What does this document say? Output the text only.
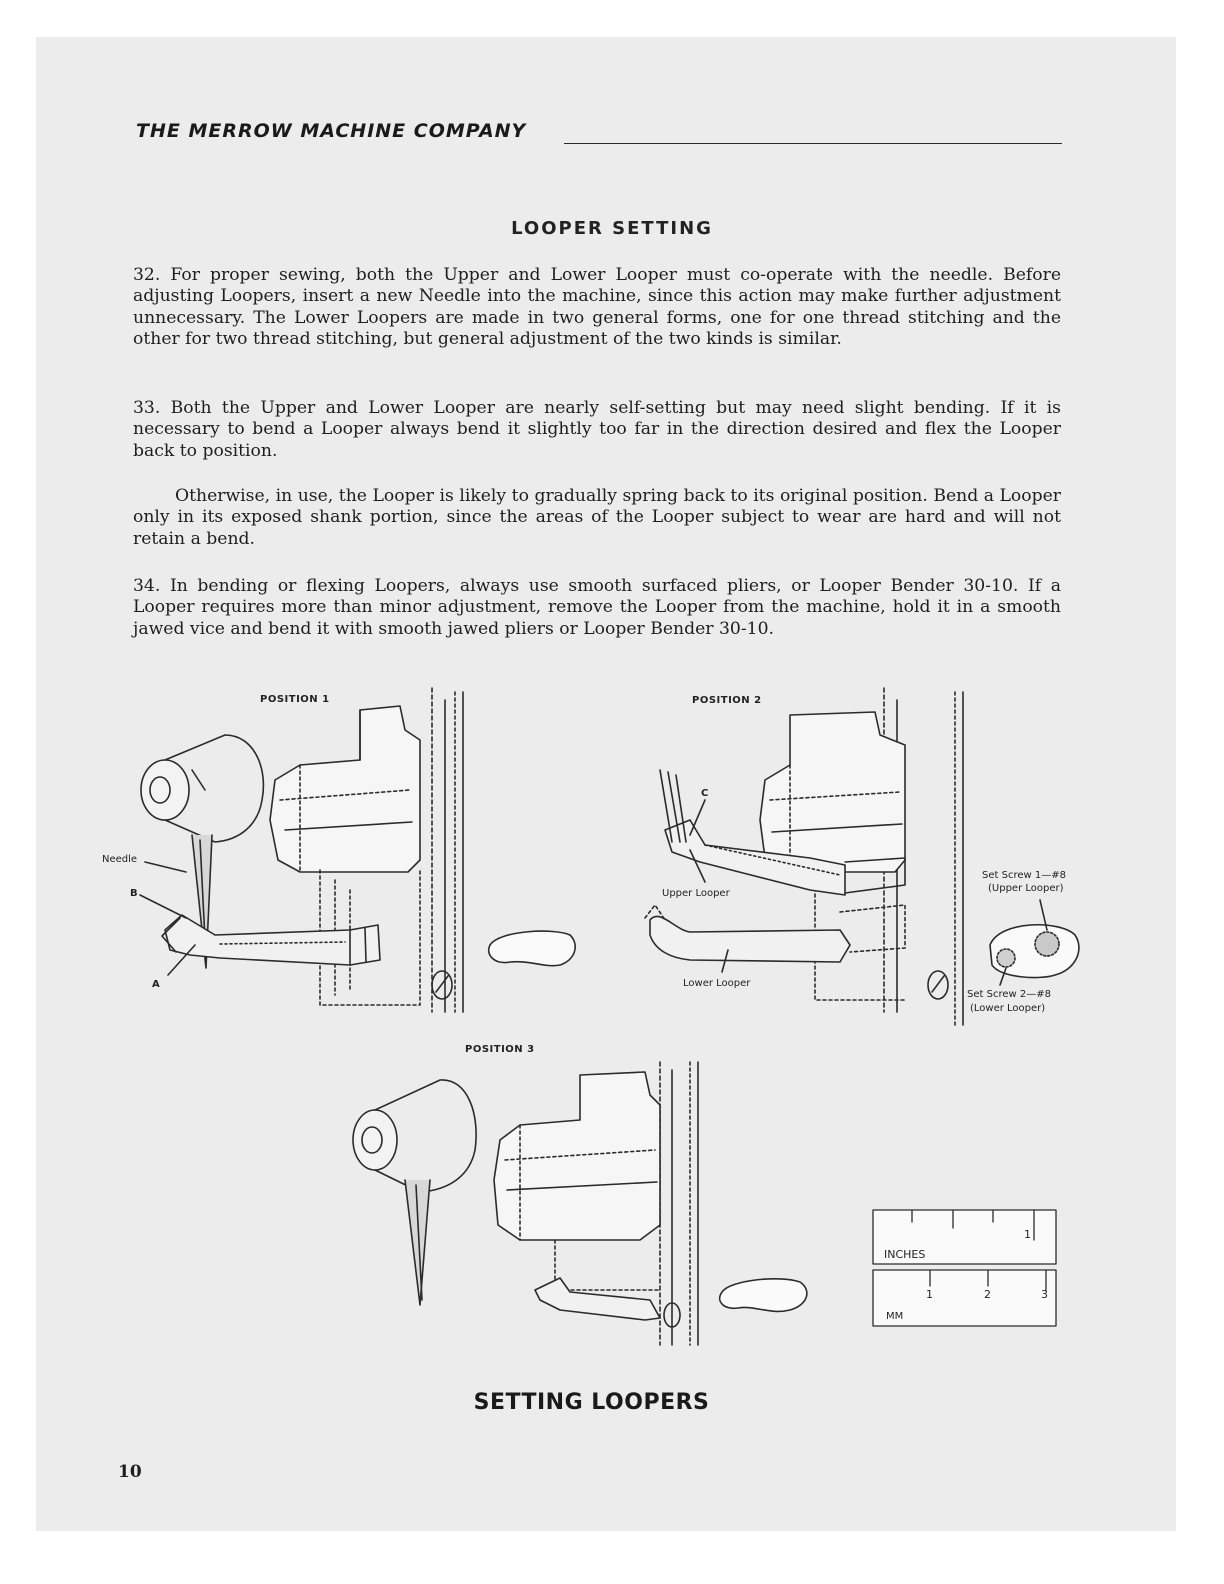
THE MERROW MACHINE COMPANY
LOOPER SETTING

32. For proper sewing, both the Upper and Lower Looper must co-operate with the needle. Before adjusting Loopers, insert a new Needle into the machine, since this action may make further adjustment unnecessary. The Lower Loopers are made in two general forms, one for one thread stitching and the other for two thread stitching, but general adjustment of the two kinds is similar.

33. Both the Upper and Lower Looper are nearly self-setting but may need slight bending. If it is necessary to bend a Looper always bend it slightly too far in the direction desired and flex the Looper back to position.

Otherwise, in use, the Looper is likely to gradually spring back to its original position. Bend a Looper only in its exposed shank portion, since the areas of the Looper subject to wear are hard and will not retain a bend.

34. In bending or flexing Loopers, always use smooth surfaced pliers, or Looper Bender 30-10. If a Looper requires more than minor adjustment, remove the Looper from the machine, hold it in a smooth jawed vice and bend it with smooth jawed pliers or Looper Bender 30-10.

POSITION 1
Needle
B
A
POSITION 2
C
Upper Looper
Lower Looper
Set Screw 1—#8
(Upper Looper)
Set Screw 2—#8
(Lower Looper)
POSITION 3
1
INCHES
1	2	3
MM
SETTING LOOPERS
10
